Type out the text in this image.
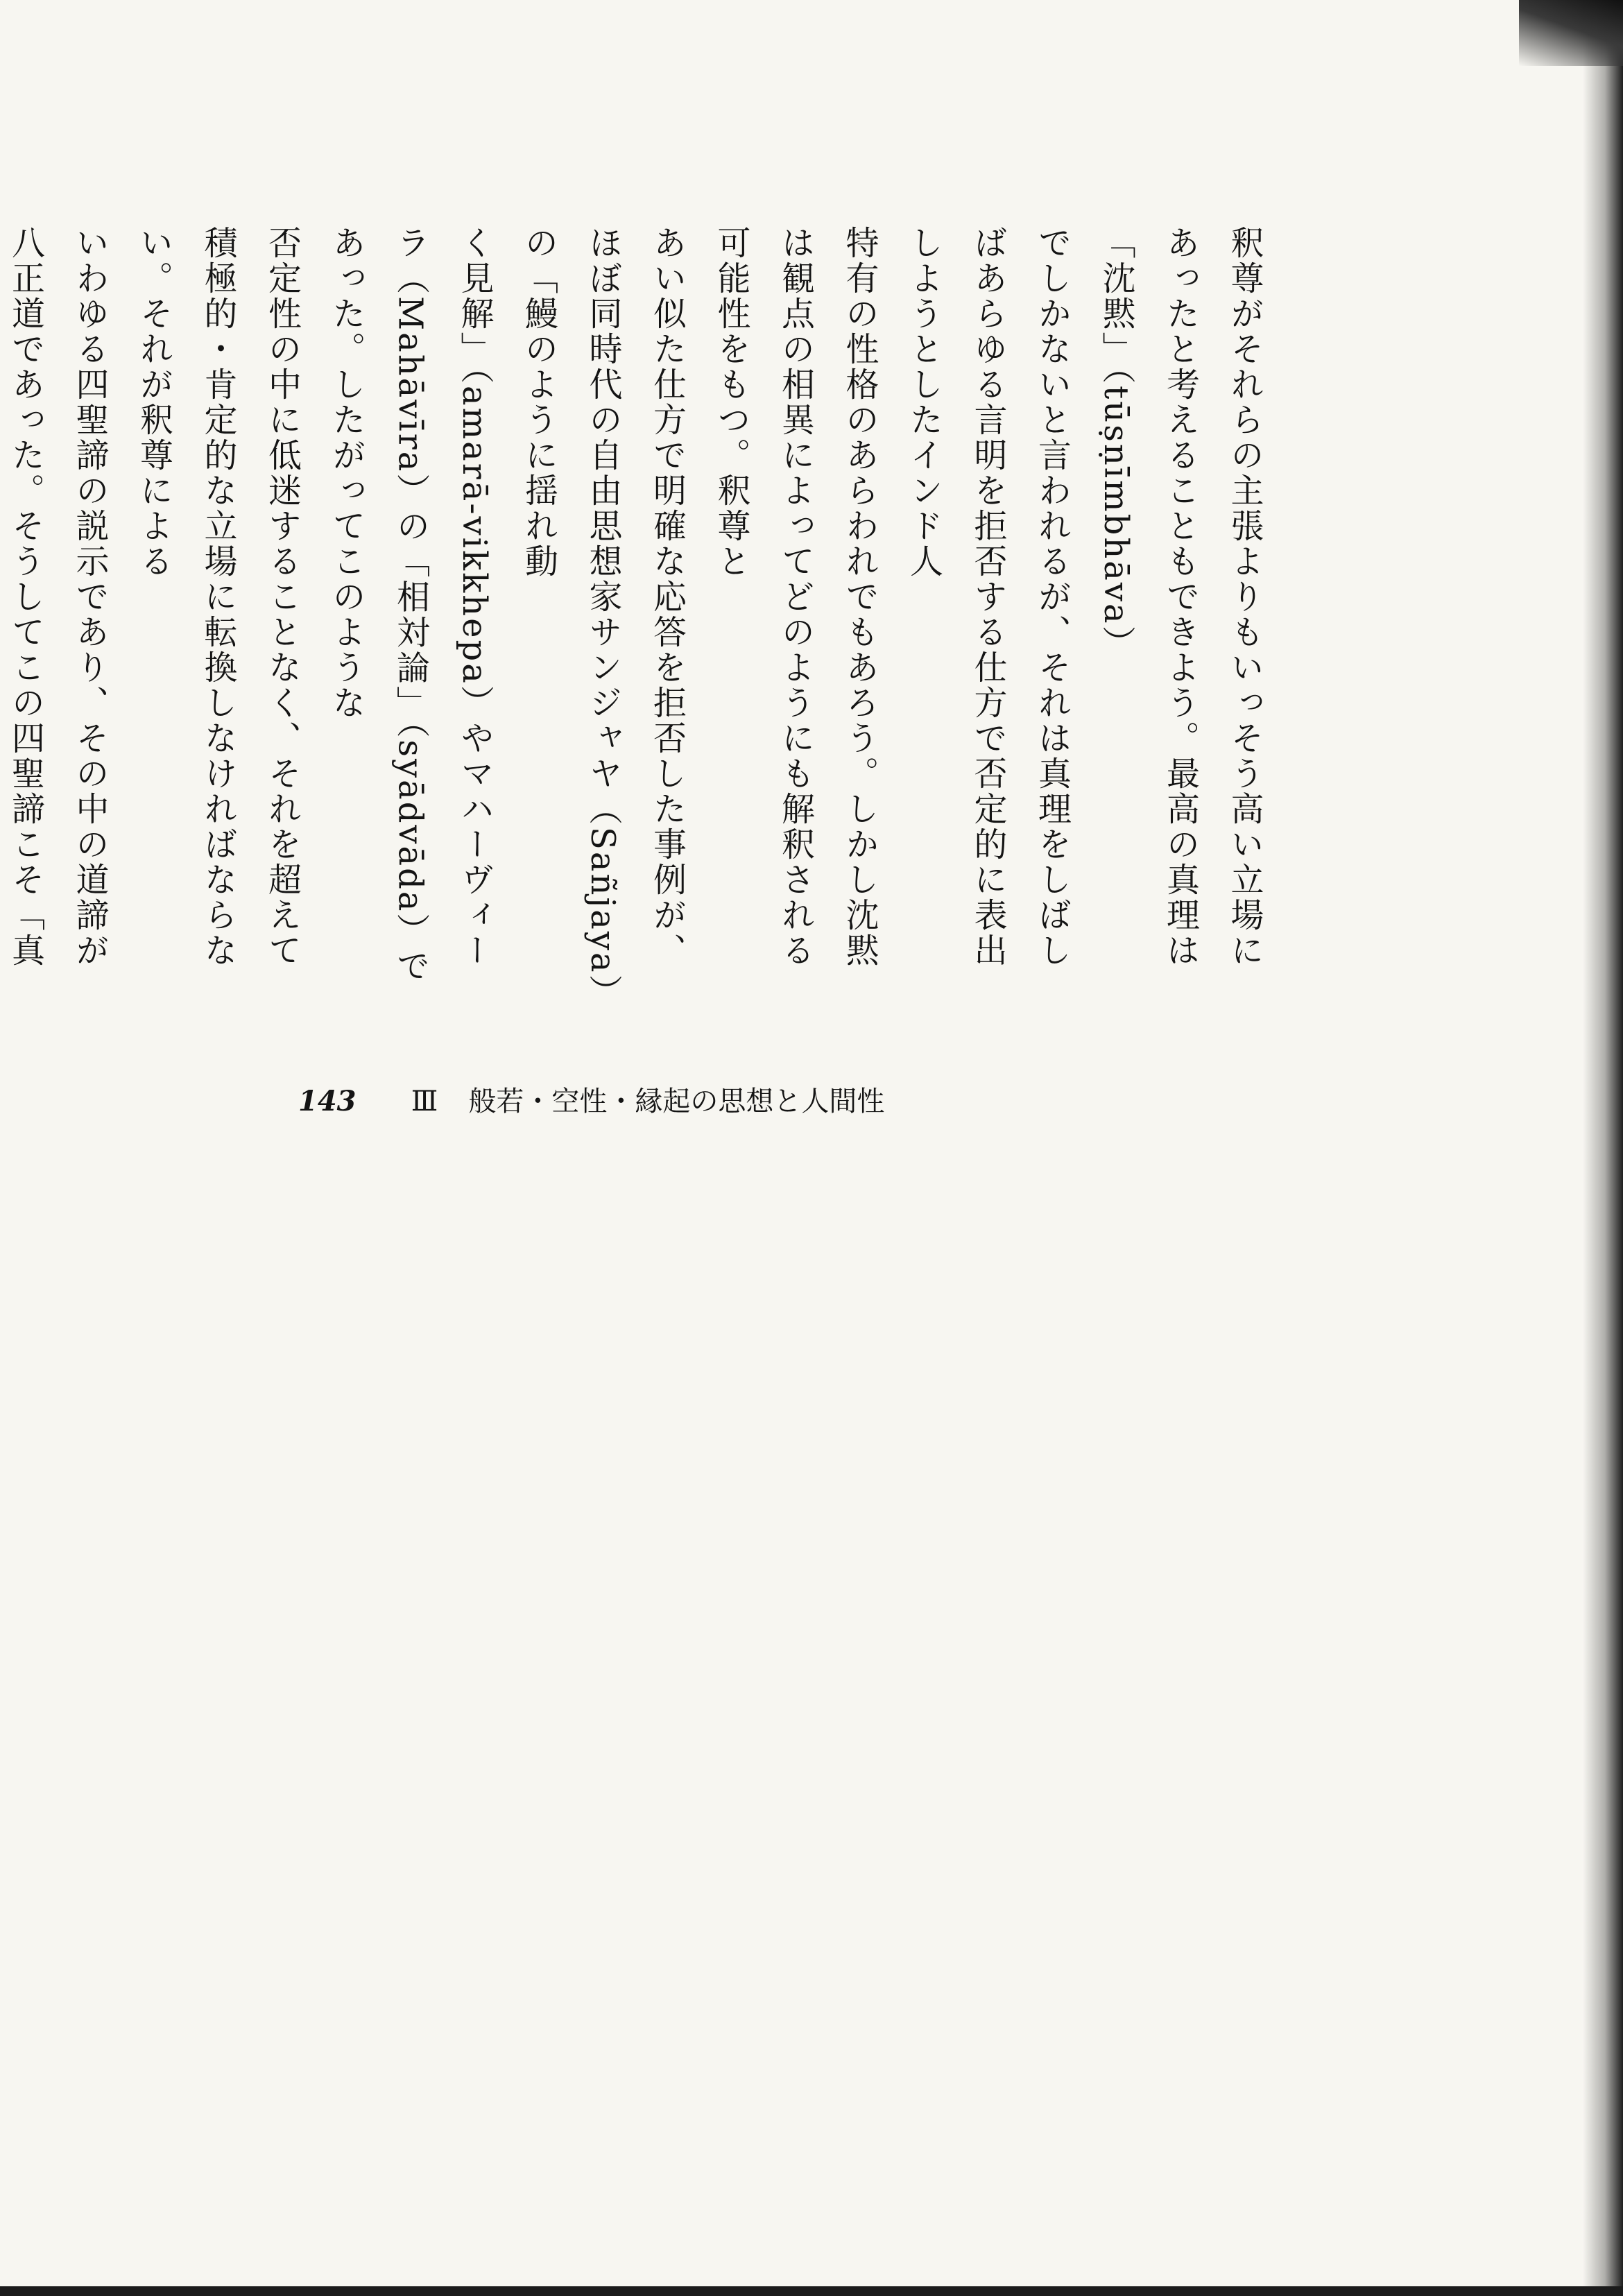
釈尊がそれらの主張よりもいっそう高い立場にあったと考えることもできよう。最高の真理は「沈黙」（tūṣṇīmbhāva）
でしかないと言われるが、それは真理をしばしばあらゆる言明を拒否する仕方で否定的に表出しようとしたインド人
特有の性格のあらわれでもあろう。しかし沈黙は観点の相異によってどのようにも解釈される可能性をもつ。釈尊と
あい似た仕方で明確な応答を拒否した事例が、ほぼ同時代の自由思想家サンジャヤ（Sañjaya）の「鰻のように揺れ動
く見解」（amarā-vikkhepa）やマハーヴィーラ（Mahāvīra）の「相対論」（syādvāda）であった。したがってこのような
否定性の中に低迷することなく、それを超えて積極的・肯定的な立場に転換しなければならない。それが釈尊による
いわゆる四聖諦の説示であり、その中の道諦が八正道であった。そうしてこの四聖諦こそ「真

143 Ⅲ 般若・空性・縁起の思想と人間性
